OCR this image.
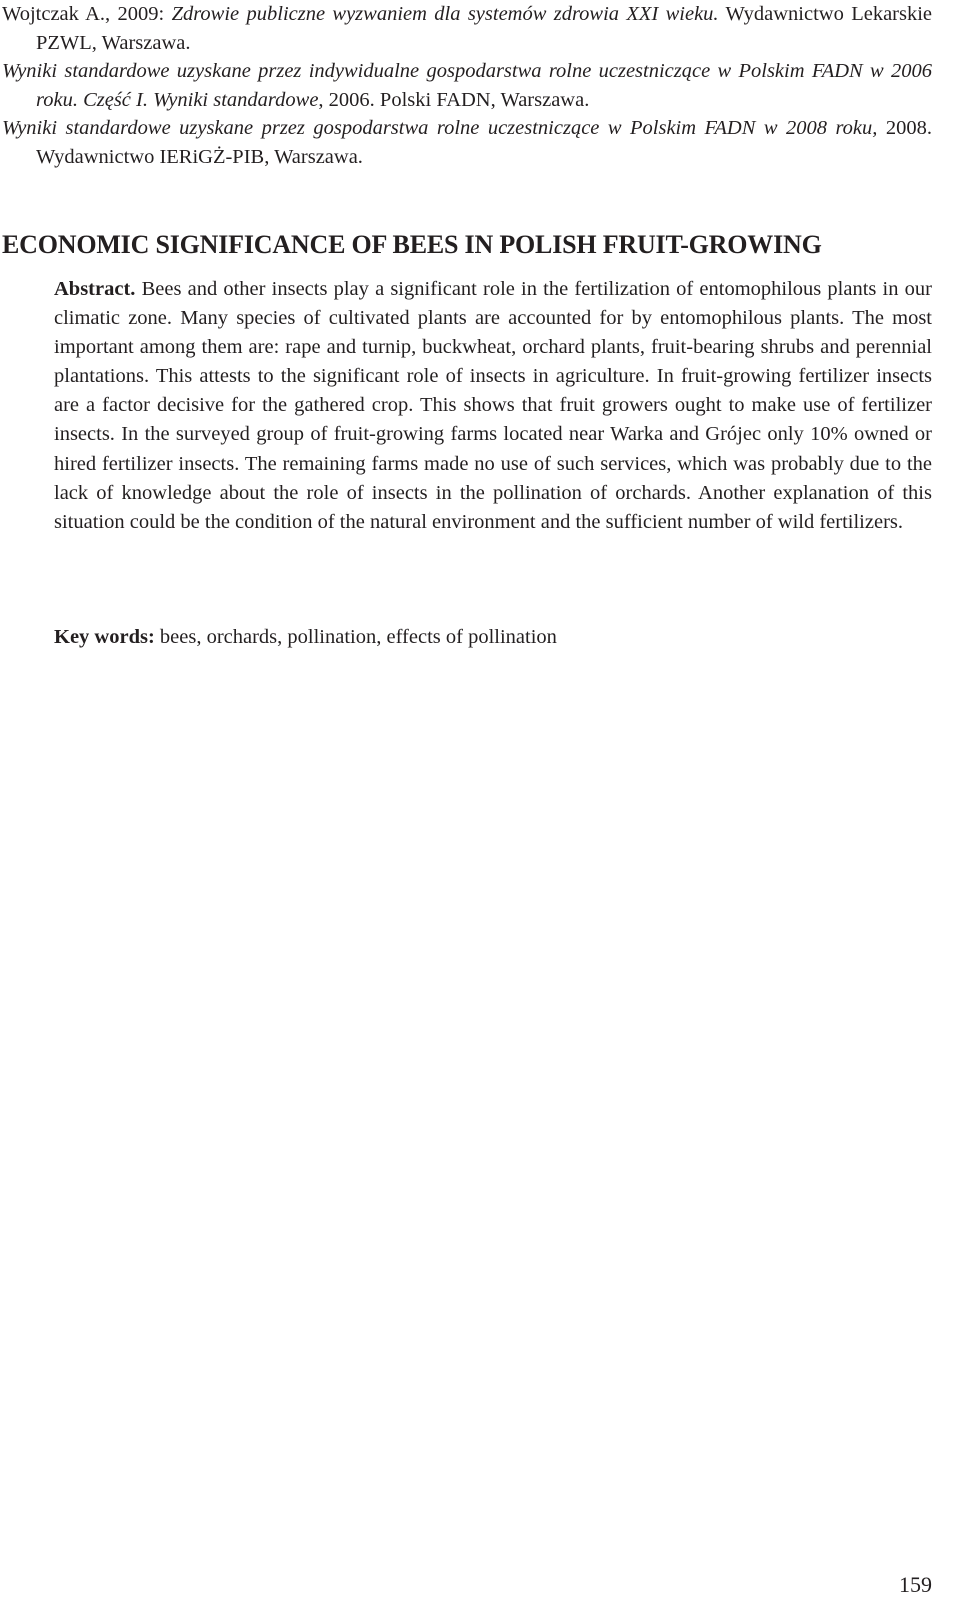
Wojtczak A., 2009: Zdrowie publiczne wyzwaniem dla systemów zdrowia XXI wieku. Wydawnictwo Lekarskie PZWL, Warszawa.

Wyniki standardowe uzyskane przez indywidualne gospodarstwa rolne uczestniczące w Polskim FADN w 2006 roku. Część I. Wyniki standardowe, 2006. Polski FADN, Warszawa.

Wyniki standardowe uzyskane przez gospodarstwa rolne uczestniczące w Polskim FADN w 2008 roku, 2008. Wydawnictwo IERiGŻ-PIB, Warszawa.

ECONOMIC SIGNIFICANCE OF BEES IN POLISH FRUIT-GROWING

Abstract. Bees and other insects play a significant role in the fertilization of entomophilous plants in our climatic zone. Many species of cultivated plants are accounted for by entomophilous plants. The most important among them are: rape and turnip, buckwheat, orchard plants, fruit-bearing shrubs and perennial plantations. This attests to the significant role of insects in agriculture. In fruit-growing fertilizer insects are a factor decisive for the gathered crop. This shows that fruit growers ought to make use of fertilizer insects. In the surveyed group of fruit-growing farms located near Warka and Grójec only 10% owned or hired fertilizer insects. The remaining farms made no use of such services, which was probably due to the lack of knowledge about the role of insects in the pollination of orchards. Another explanation of this situation could be the condition of the natural environment and the sufficient number of wild fertilizers.

Key words: bees, orchards, pollination, effects of pollination

159
